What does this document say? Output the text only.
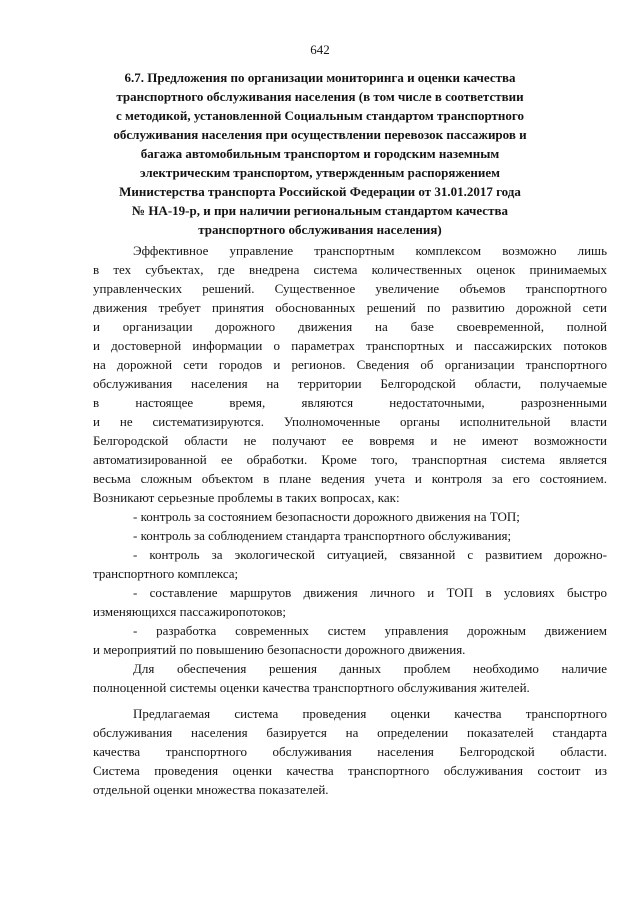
642
6.7. Предложения по организации мониторинга и оценки качества
транспортного обслуживания населения (в том числе в соответствии
с методикой, установленной Социальным стандартом транспортного
обслуживания населения при осуществлении перевозок пассажиров и
багажа автомобильным транспортом и городским наземным
электрическим транспортом, утвержденным распоряжением
Министерства транспорта Российской Федерации от 31.01.2017 года
№ НА-19-р, и при наличии региональным стандартом качества
транспортного обслуживания населения)
Эффективное управление транспортным комплексом возможно лишь
в тех субъектах, где внедрена система количественных оценок принимаемых
управленческих решений. Существенное увеличение объемов транспортного
движения требует принятия обоснованных решений по развитию дорожной сети
и организации дорожного движения на базе своевременной, полной
и достоверной информации о параметрах транспортных и пассажирских потоков
на дорожной сети городов и регионов. Сведения об организации транспортного
обслуживания населения на территории Белгородской области, получаемые
в настоящее время, являются недостаточными, разрозненными
и не систематизируются. Уполномоченные органы исполнительной власти
Белгородской области не получают ее вовремя и не имеют возможности
автоматизированной ее обработки. Кроме того, транспортная система является
весьма сложным объектом в плане ведения учета и контроля за его состоянием.
Возникают серьезные проблемы в таких вопросах, как:
- контроль за состоянием безопасности дорожного движения на ТОП;
- контроль за соблюдением стандарта транспортного обслуживания;
- контроль за экологической ситуацией, связанной с развитием дорожно-
транспортного комплекса;
- составление маршрутов движения личного и ТОП в условиях быстро
изменяющихся пассажиропотоков;
- разработка современных систем управления дорожным движением
и мероприятий по повышению безопасности дорожного движения.
Для обеспечения решения данных проблем необходимо наличие
полноценной системы оценки качества транспортного обслуживания жителей.
Предлагаемая система проведения оценки качества транспортного
обслуживания населения базируется на определении показателей стандарта
качества транспортного обслуживания населения Белгородской области.
Система проведения оценки качества транспортного обслуживания состоит из
отдельной оценки множества показателей.
